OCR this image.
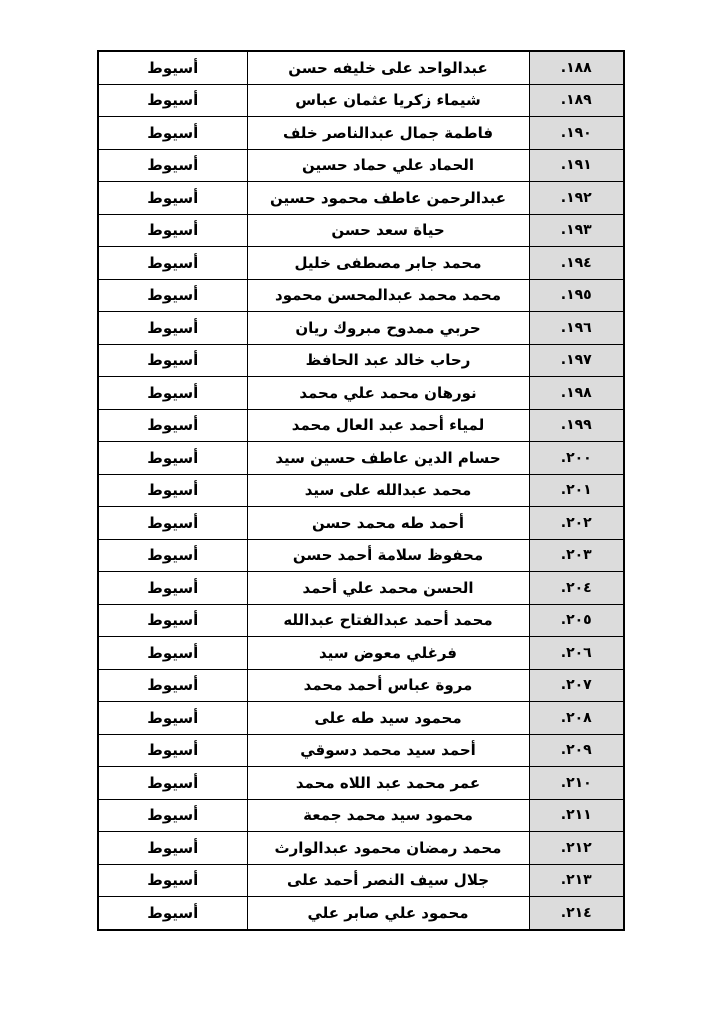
١٨٨.	عبدالواحد على خليفه حسن	أسيوط
١٨٩.	شيماء زكريا عثمان عباس	أسيوط
١٩٠.	فاطمة جمال عبدالناصر خلف	أسيوط
١٩١.	الحماد علي حماد حسين	أسيوط
١٩٢.	عبدالرحمن عاطف محمود حسين	أسيوط
١٩٣.	حياة سعد حسن	أسيوط
١٩٤.	محمد جابر مصطفى خليل	أسيوط
١٩٥.	محمد محمد عبدالمحسن محمود	أسيوط
١٩٦.	حربي ممدوح مبروك ريان	أسيوط
١٩٧.	رحاب خالد عبد الحافظ	أسيوط
١٩٨.	نورهان محمد علي محمد	أسيوط
١٩٩.	لمياء أحمد عبد العال محمد	أسيوط
٢٠٠.	حسام الدين عاطف حسين سيد	أسيوط
٢٠١.	محمد عبدالله على سيد	أسيوط
٢٠٢.	أحمد طه محمد حسن	أسيوط
٢٠٣.	محفوظ سلامة أحمد حسن	أسيوط
٢٠٤.	الحسن محمد علي أحمد	أسيوط
٢٠٥.	محمد أحمد عبدالفتاح عبدالله	أسيوط
٢٠٦.	فرغلي معوض سيد	أسيوط
٢٠٧.	مروة عباس أحمد محمد	أسيوط
٢٠٨.	محمود سيد طه على	أسيوط
٢٠٩.	أحمد سيد محمد دسوقي	أسيوط
٢١٠.	عمر محمد عبد اللاه محمد	أسيوط
٢١١.	محمود سيد محمد جمعة	أسيوط
٢١٢.	محمد رمضان محمود عبدالوارث	أسيوط
٢١٣.	جلال سيف النصر أحمد على	أسيوط
٢١٤.	محمود علي صابر علي	أسيوط
